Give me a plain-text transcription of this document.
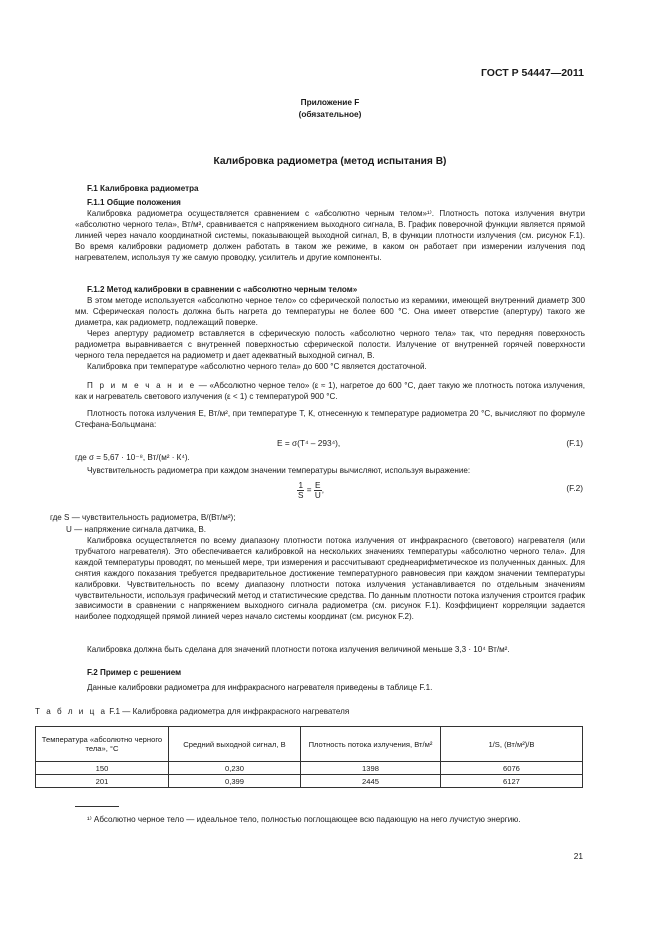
ГОСТ Р 54447—2011
Приложение F
(обязательное)
Калибровка радиометра (метод испытания В)
F.1 Калибровка радиометра
F.1.1 Общие положения
Калибровка радиометра осуществляется сравнением с «абсолютно черным телом»¹⁾. Плотность потока излучения внутри «абсолютно черного тела», Вт/м², сравнивается с напряжением выходного сигнала, В. График поверочной функции является прямой линией через начало координатной системы, показывающей выходной сигнал, В, в функции плотности излучения (см. рисунок F.1). Во время калибровки радиометр должен работать в таком же режиме, в каком он работает при измерении излучения под нагревателем, используя ту же самую проводку, усилитель и другие компоненты.
F.1.2 Метод калибровки в сравнении с «абсолютно черным телом»
В этом методе используется «абсолютно черное тело» со сферической полостью из керамики, имеющей внутренний диаметр 300 мм. Сферическая полость должна быть нагрета до температуры не более 600 °С. Она имеет отверстие (апертуру) такого же диаметра, как радиометр, подлежащий поверке.
Через апертуру радиометр вставляется в сферическую полость «абсолютно черного тела» так, что передняя поверхность радиометра выравнивается с внутренней поверхностью сферической полости. Излучение от внутренней горячей поверхности черного тела передается на радиометр и дает адекватный выходной сигнал, В.
Калибровка при температуре «абсолютно черного тела» до 600 °С является достаточной.
П р и м е ч а н и е — «Абсолютно черное тело» (ε ≈ 1), нагретое до 600 °С, дает такую же плотность потока излучения, как и нагреватель светового излучения (ε < 1) с температурой 900 °С.
Плотность потока излучения E, Вт/м², при температуре T, К, отнесенную к температуре радиометра 20 °С, вычисляют по формуле Стефана-Больцмана:
E = σ(T⁴ – 293⁴),	(F.1)
где σ = 5,67 · 10⁻⁸, Вт/(м² · К⁴).
Чувствительность радиометра при каждом значении температуры вычисляют, используя выражение:
$\frac{1}{S} = \frac{E}{U}$ ,	(F.2)
где S — чувствительность радиометра, В/(Вт/м²);
U — напряжение сигнала датчика, В.
Калибровка осуществляется по всему диапазону плотности потока излучения от инфракрасного (светового) нагревателя (или трубчатого нагревателя). Это обеспечивается калибровкой на нескольких значениях температуры «абсолютно черного тела». Для каждой температуры проводят, по меньшей мере, три измерения и рассчитывают среднеарифметическое из полученных данных. Для снятия каждого показания требуется предварительное достижение температурного равновесия при каждом значении температуры калибровки. Чувствительность по всему диапазону плотности потока излучения устанавливается по отдельным значениям чувствительности, используя графический метод и статистические средства. По данным плотности потока излучения строится график зависимости в сравнении с напряжением выходного сигнала радиометра (см. рисунок F.1). Коэффициент корреляции задается наиболее подходящей прямой линией через начало системы координат (см. рисунок F.2).
Калибровка должна быть сделана для значений плотности потока излучения величиной меньше 3,3 · 10⁴ Вт/м².
F.2 Пример с решением
Данные калибровки радиометра для инфракрасного нагревателя приведены в таблице F.1.
Т а б л и ц а F.1 — Калибровка радиометра для инфракрасного нагревателя
Температура «абсолютно черного тела», °С	Средний выходной сигнал, В	Плотность потока излучения, Вт/м²	1/S, (Вт/м²)/В
150	0,230	1398	6076
201	0,399	2445	6127
¹⁾ Абсолютно черное тело — идеальное тело, полностью поглощающее всю падающую на него лучистую энергию.
21
